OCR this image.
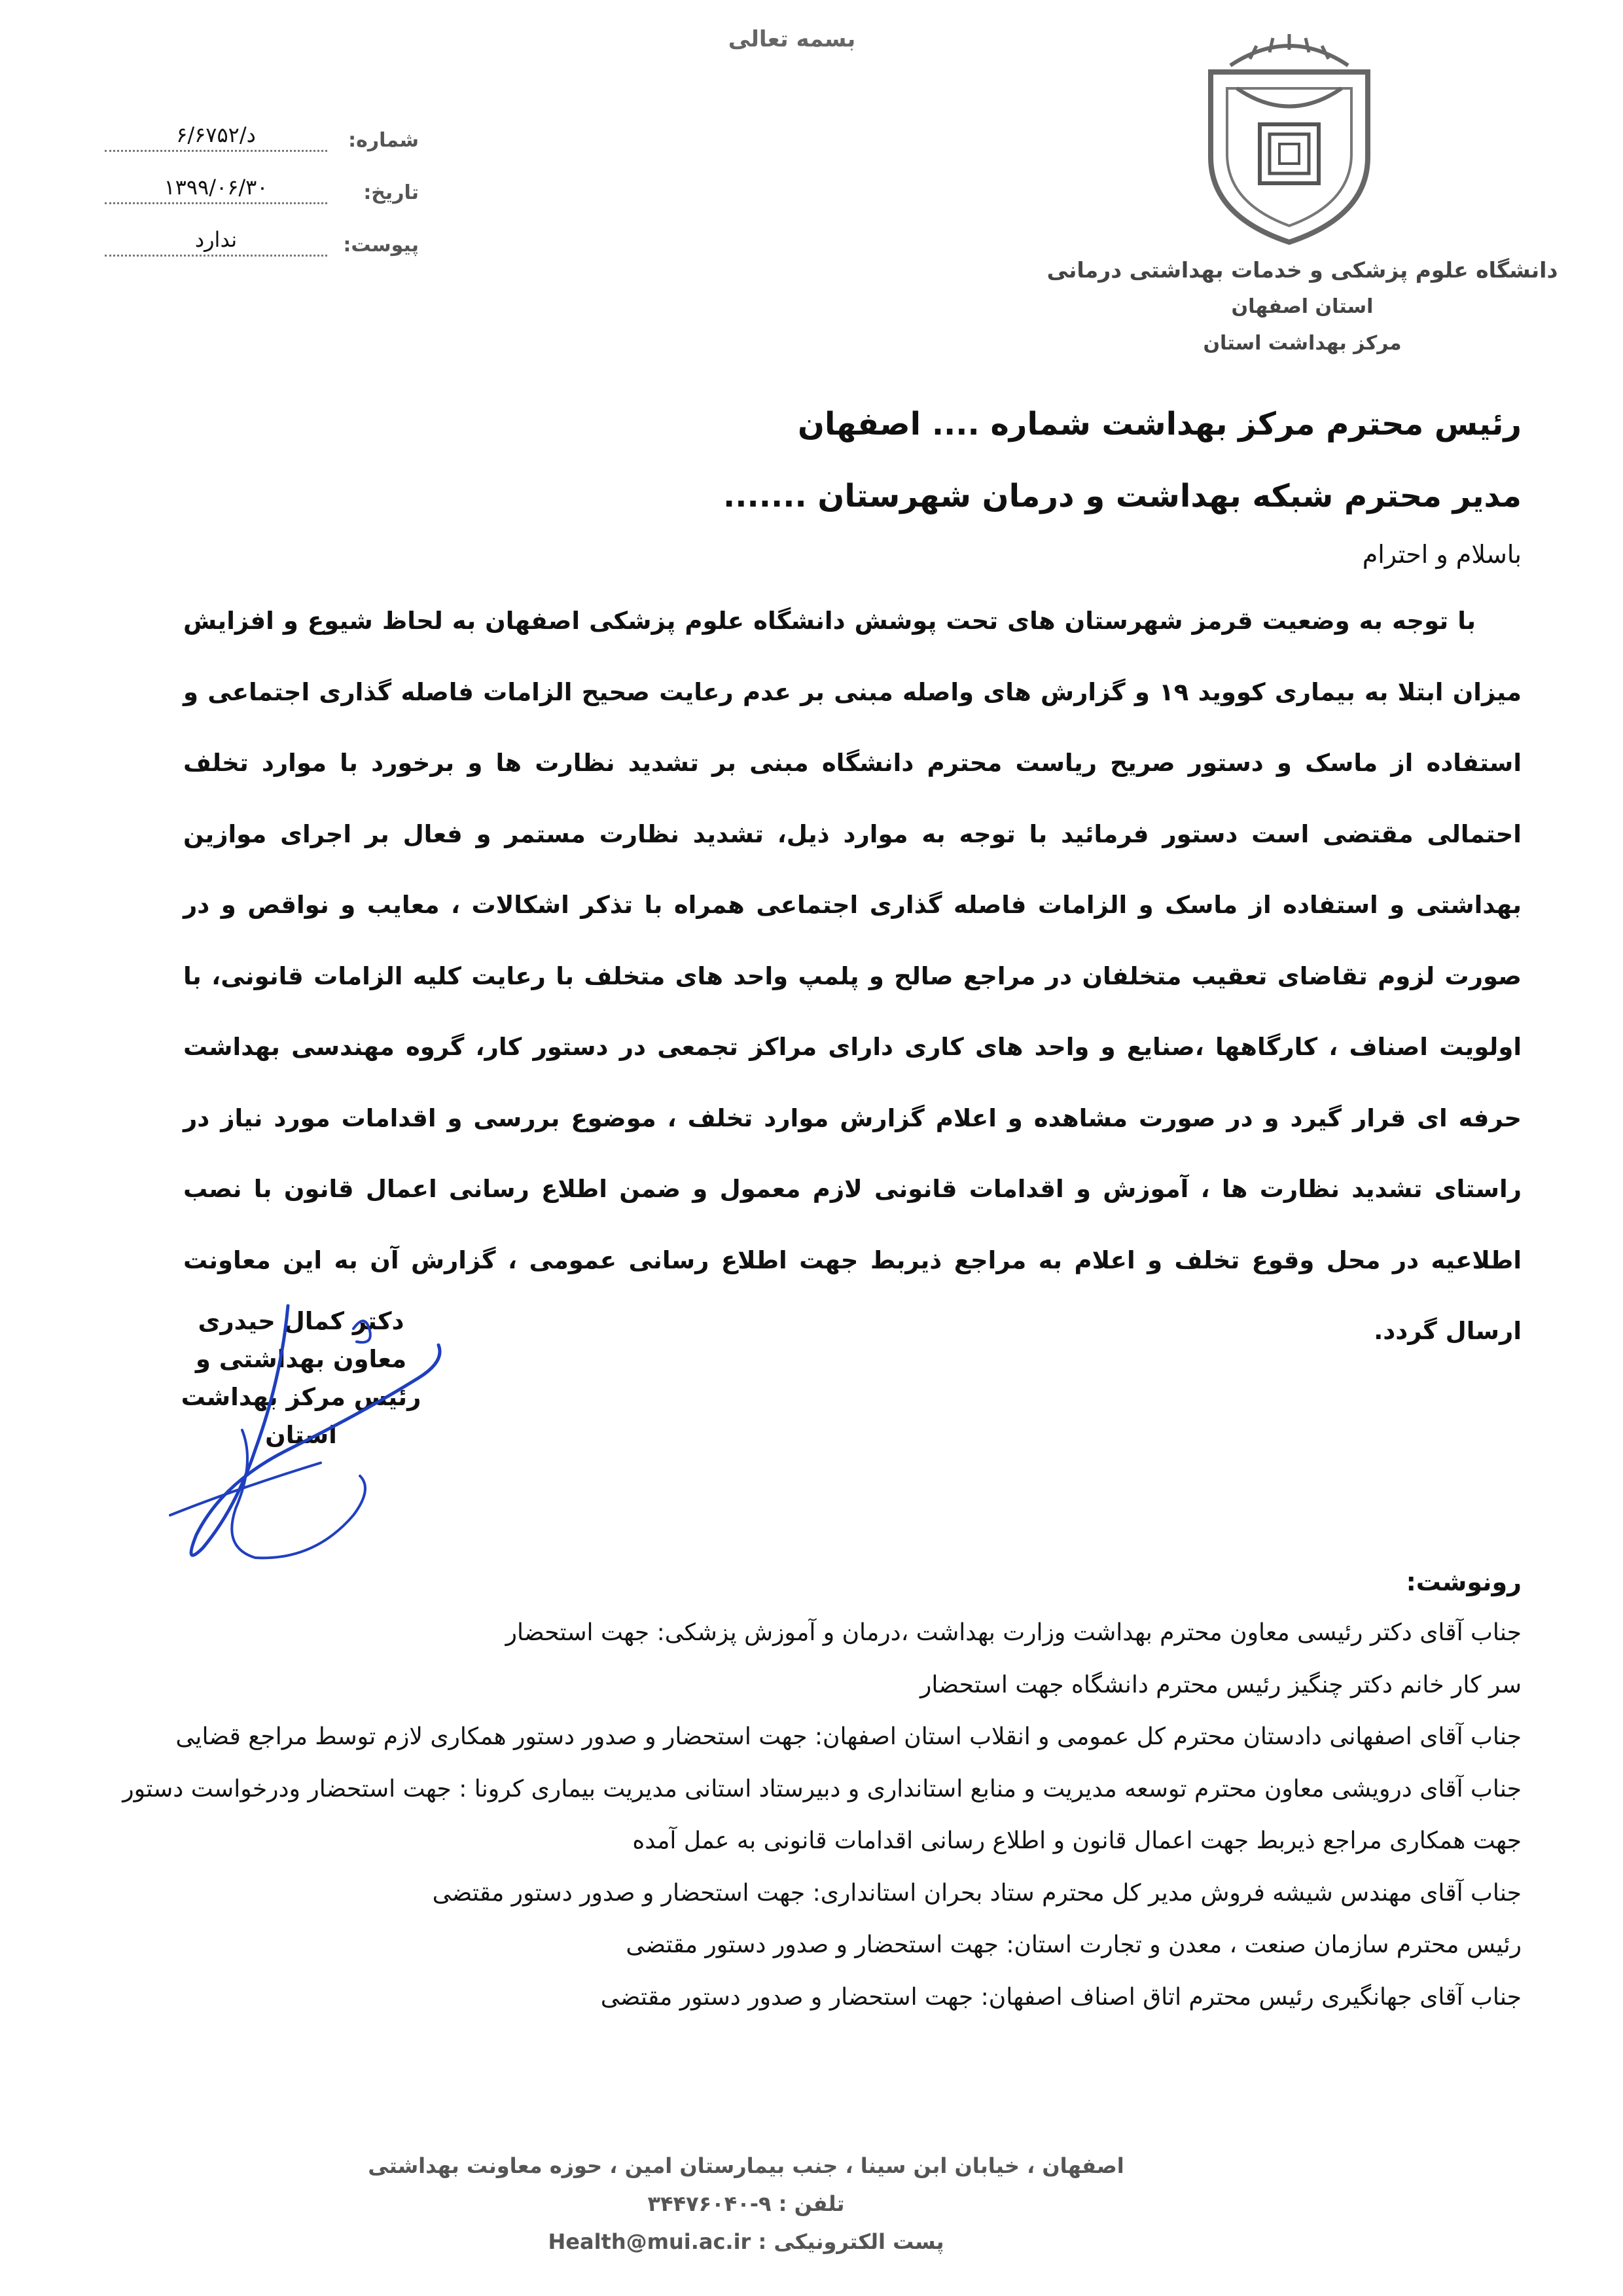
بسمه تعالی
دانشگاه علوم پزشکی و خدمات بهداشتی درمانی
استان اصفهان
مرکز بهداشت استان
شماره:
د/۶/۶۷۵۲
تاریخ:
۱۳۹۹/۰۶/۳۰
پیوست:
ندارد
رئیس محترم مرکز بهداشت شماره .... اصفهان
مدیر محترم شبکه بهداشت و درمان شهرستان .......
باسلام و احترام
با توجه به وضعیت قرمز شهرستان های تحت پوشش دانشگاه علوم پزشکی اصفهان به لحاظ شیوع و افزایش میزان ابتلا به بیماری کووید ۱۹ و گزارش های واصله مبنی بر عدم رعایت صحیح الزامات فاصله گذاری اجتماعی و استفاده از ماسک و دستور صریح ریاست محترم دانشگاه مبنی بر تشدید نظارت ها و برخورد با موارد تخلف احتمالی مقتضی است دستور فرمائید با توجه به موارد ذیل، تشدید نظارت مستمر و فعال بر اجرای موازین بهداشتی و استفاده از ماسک و الزامات فاصله گذاری اجتماعی همراه با تذکر اشکالات ، معایب و نواقص و در صورت لزوم تقاضای تعقیب متخلفان در مراجع صالح و پلمپ واحد های متخلف با رعایت کلیه الزامات قانونی، با اولویت اصناف ، کارگاهها ،صنایع و واحد های کاری دارای مراکز تجمعی در دستور کار، گروه مهندسی بهداشت حرفه ای قرار گیرد و در صورت مشاهده و اعلام گزارش موارد تخلف ، موضوع بررسی و اقدامات مورد نیاز در راستای تشدید نظارت ها ، آموزش و اقدامات قانونی لازم معمول و ضمن اطلاع رسانی اعمال قانون با نصب اطلاعیه در محل وقوع تخلف و اعلام به مراجع ذیربط جهت اطلاع رسانی عمومی ، گزارش آن به این معاونت ارسال گردد.
دکتر کمال حیدری
معاون بهداشتی و
رئیس مرکز بهداشت استان
رونوشت:

جناب آقای دکتر رئیسی معاون محترم بهداشت وزارت بهداشت ،درمان و آموزش پزشکی: جهت استحضار

سر کار خانم دکتر چنگیز رئیس محترم دانشگاه جهت استحضار

جناب آقای اصفهانی دادستان محترم کل عمومی و انقلاب استان اصفهان: جهت استحضار و صدور دستور همکاری لازم توسط مراجع قضایی

جناب آقای درویشی معاون محترم توسعه مدیریت و منابع استانداری و دبیرستاد استانی مدیریت بیماری کرونا : جهت استحضار ودرخواست دستور جهت همکاری مراجع ذیربط جهت اعمال قانون و اطلاع رسانی اقدامات قانونی به عمل آمده

جناب آقای مهندس شیشه فروش مدیر کل محترم ستاد بحران استانداری: جهت استحضار و صدور دستور مقتضی

رئیس محترم سازمان صنعت ، معدن و تجارت استان: جهت استحضار و صدور دستور مقتضی

جناب آقای جهانگیری رئیس محترم اتاق اصناف اصفهان: جهت استحضار و صدور دستور مقتضی

اصفهان ، خیابان ابن سینا ، جنب بیمارستان امین ، حوزه معاونت بهداشتی
تلفن : ۹-۳۴۴۷۶۰۴۰
پست الکترونیکی : Health@mui.ac.ir
